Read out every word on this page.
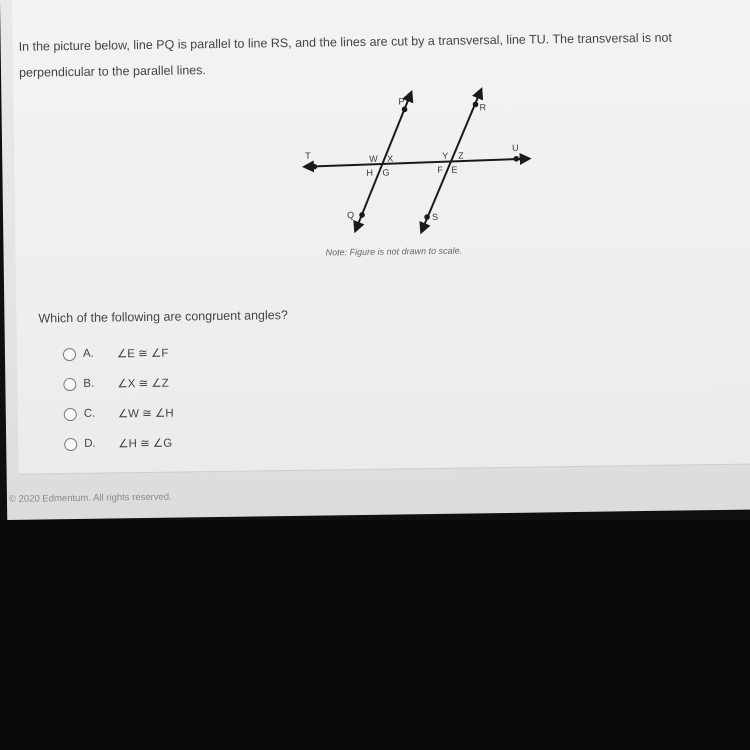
In the picture below, line PQ is parallel to line RS, and the lines are cut by a transversal, line TU. The transversal is not perpendicular to the parallel lines.
P
R
T
U
Q	S
W X
H G
Y Z
F E
Note: Figure is not drawn to scale.
Which of the following are congruent angles?
A.	∠E ≅ ∠F
B.	∠X ≅ ∠Z
C.	∠W ≅ ∠H
D.	∠H ≅ ∠G
© 2020 Edmentum. All rights reserved.
